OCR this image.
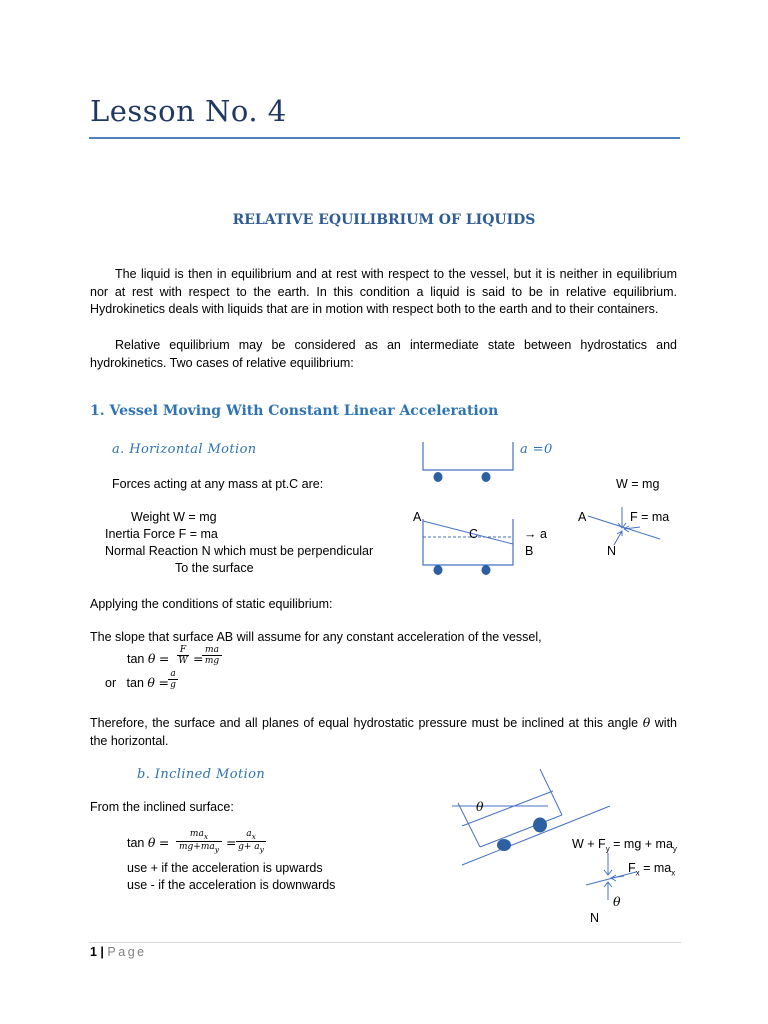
Lesson No. 4
RELATIVE EQUILIBRIUM OF LIQUIDS
The liquid is then in equilibrium and at rest with respect to the vessel, but it is neither in equilibrium nor at rest with respect to the earth. In this condition a liquid is said to be in relative equilibrium. Hydrokinetics deals with liquids that are in motion with respect both to the earth and to their containers.
Relative equilibrium may be considered as an intermediate state between hydrostatics and hydrokinetics. Two cases of relative equilibrium:
1. Vessel Moving With Constant Linear Acceleration
a. Horizontal Motion	a =0
Forces acting at any mass at pt.C are:	W = mg
Weight W = mg
Inertia Force F = ma
Normal Reaction N which must be perpendicular
To the surface
A
C	→ a
B
A	F = ma
N
Applying the conditions of static equilibrium:
The slope that surface AB will assume for any constant acceleration of the vessel,
$\tan \theta = \frac{F}{W}$ =
$\frac{ma}{mg}$
or $\tan \theta = \frac{a}{g}$
Therefore, the surface and all planes of equal hydrostatic pressure must be inclined at this angle θ with the horizontal.
b. Inclined Motion
From the inclined surface:
tan θ =
$ma_x$
$mg+ma_y = \frac{a_x}{g+ a_y}$
use + if the acceleration is upwards
use - if the acceleration is downwards
θ
$W + F_y$ = mg + $ma_y$
$F_x = ma_x$
θ
N
1 | Page
